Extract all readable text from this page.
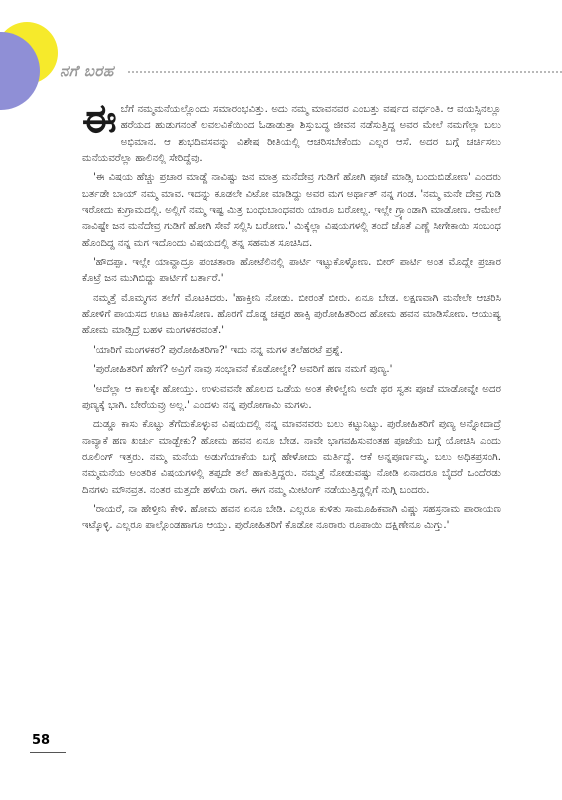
ನಗೆ ಬರಹ

ಈಬೆಗೆ ನಮ್ಮಮನೆಯಲ್ಲೊಂದು ಸಮಾರಂಭವಿತ್ತು. ಅದು ನಮ್ಮ ಮಾವನವರ ಎಂಬತ್ತು ವರ್ಷದ ವರ್ಧಂತಿ. ಆ ವಯಸ್ಸಿನಲ್ಲೂ ಹರೆಯದ ಹುಡುಗನಂತೆ ಲವಲವಿಕೆಯಿಂದ ಓಡಾಡುತ್ತಾ ಶಿಸ್ತುಬದ್ಧ ಜೀವನ ನಡೆಸುತ್ತಿದ್ದ ಅವರ ಮೇಲೆ ನಮಗೆಲ್ಲಾ ಬಲು ಅಭಿಮಾನ. ಆ ಶುಭದಿವಸವನ್ನು ವಿಶೇಷ ರೀತಿಯಲ್ಲಿ ಆಚರಿಸಬೇಕೆಂದು ಎಲ್ಲರ ಆಸೆ. ಅದರ ಬಗ್ಗೆ ಚರ್ಚಿಸಲು ಮನೆಯವರೆಲ್ಲಾ ಹಾಲಿನಲ್ಲಿ ಸೇರಿದ್ದೆವು.

'ಈ ವಿಷಯ ಹೆಚ್ಚು ಪ್ರಚಾರ ಮಾಡ್ದೆ ನಾವಿಷ್ಟು ಜನ ಮಾತ್ರ ಮನೆದೇವ್ರ ಗುಡಿಗೆ ಹೋಗಿ ಪೂಜೆ ಮಾಡ್ಸಿ ಬಂದುಬಿಡೋಣ' ಎಂದರು ಬರ್ತಡೇ ಬಾಯ್ ನಮ್ಮ ಮಾವ. ಇದನ್ನು ಕೂಡಲೇ ವಿಟೋ ಮಾಡಿದ್ದು ಅವರ ಮಗ ಅರ್ಥಾತ್ ನನ್ನ ಗಂಡ. 'ನಮ್ಮ ಮನೇ ದೇವ್ರ ಗುಡಿ ಇರೋದು ಕುಗ್ರಾಮದಲ್ಲಿ. ಅಲ್ಲಿಗೆ ನಮ್ಮ ಇಷ್ಟ ಮಿತ್ರ ಬಂಧುಬಾಂಧವರು ಯಾರೂ ಬರೋಲ್ಲ. ಇಲ್ಲೇ ಗ್ರ್ಯಾಂಡಾಗಿ ಮಾಡೋಣ. ಆಮೇಲೆ ನಾವಿಷ್ಟೇ ಜನ ಮನೆದೇವ್ರ ಗುಡಿಗೆ ಹೋಗಿ ಸೇವೆ ಸಲ್ಲಿಸಿ ಬರೋಣ.' ಮಿಕ್ಕೆಲ್ಲಾ ವಿಷಯಗಳಲ್ಲಿ ತಂದೆ ಜೊತೆ ಎಣ್ಣೆ ಸೀಗೇಕಾಯಿ ಸಂಬಂಧ ಹೊಂದಿದ್ದ ನನ್ನ ಮಗ ಇದೊಂದು ವಿಷಯದಲ್ಲಿ ತನ್ನ ಸಹಮತ ಸೂಚಿಸಿದ.

'ಹೌದಪ್ಪಾ. ಇಲ್ಲೇ ಯಾವ್ದಾದ್ರೂ ಪಂಚತಾರಾ ಹೋಟೆಲಿನಲ್ಲಿ ಪಾರ್ಟಿ ಇಟ್ಟುಕೊಳ್ಳೋಣ. ಬೀರ್ ಪಾರ್ಟಿ ಅಂತ ಮೊದ್ಲೇ ಪ್ರಚಾರ ಕೊಟ್ರೆ ಜನ ಮುಗಿಬಿದ್ದು ಪಾರ್ಟಿಗೆ ಬರ್ತಾರೆ.'

ನಮ್ಮತ್ತೆ ಮೊಮ್ಮಗನ ತಲೆಗೆ ಮೊಟಕಿದರು. 'ಹಾಕ್ತೀನಿ ನೋಡು. ಬೀರಂತೆ ಬೀರು. ಏನೂ ಬೇಡ. ಲಕ್ಷಣವಾಗಿ ಮನೇಲೇ ಆಚರಿಸಿ ಹೋಳಿಗೆ ಪಾಯಸದ ಊಟ ಹಾಕಿಸೋಣ. ಹೊರಗೆ ದೊಡ್ಡ ಚಪ್ಪರ ಹಾಕ್ಸಿ ಪುರೋಹಿತರಿಂದ ಹೋಮ ಹವನ ಮಾಡಿಸೋಣ. ಆಯುಷ್ಯ ಹೋಮ ಮಾಡ್ಸಿದ್ರೆ ಬಹಳ ಮಂಗಳಕರವಂತೆ.'

'ಯಾರಿಗೆ ಮಂಗಳಕರ? ಪುರೋಹಿತರಿಗಾ?' ಇದು ನನ್ನ ಮಗಳ ತಲೆಹರಟೆ ಪ್ರಶ್ನೆ.

'ಪುರೋಹಿತರಿಗೆ ಹೇಗೆ? ಅವ್ರಿಗೆ ನಾವು ಸಂಭಾವನೆ ಕೊಡೋಲ್ವೇ? ಅವರಿಗೆ ಹಣ ನಮಗೆ ಪುಣ್ಯ.'

'ಅದೆಲ್ಲಾ ಆ ಕಾಲಕ್ಕೇ ಹೋಯ್ತು. ಉಳುವವನೇ ಹೊಲದ ಒಡೆಯ ಅಂತ ಕೇಳಿಲ್ವೇನಿ ಅದೇ ಥರ ಸ್ವತಃ ಪೂಜೆ ಮಾಡೋವ್ನೇ ಅದರ ಪುಣ್ಯಕ್ಕೆ ಭಾಗಿ. ಬೇರೆಯವ್ರು ಅಲ್ಲ.' ಎಂದಳು ನನ್ನ ಪುರೋಗಾಮಿ ಮಗಳು.

ದುಡ್ಡೂ ಕಾಸು ಕೊಟ್ಟು ತೆಗೆದುಕೊಳ್ಳುವ ವಿಷಯದಲ್ಲಿ ನನ್ನ ಮಾವನವರು ಬಲು ಕಟ್ಟುನಿಟ್ಟು. ಪುರೋಹಿತರಿಗೆ ಪುಣ್ಯ ಅನ್ನೋದಾದ್ರೆ ನಾವ್ಯಾಕೆ ಹಣ ಖರ್ಚು ಮಾಡ್ಬೇಕು? ಹೋಮ ಹವನ ಏನೂ ಬೇಡ. ನಾವೇ ಭಾಗವಹಿಸುವಂತಹ ಪೂಜೆಯ ಬಗ್ಗೆ ಯೋಚಿಸಿ ಎಂದು ರೂಲಿಂಗ್ ಇತ್ತರು. ನಮ್ಮ ಮನೆಯ ಅಡುಗೆಯಾಕೆಯ ಬಗ್ಗೆ ಹೇಳೋದು ಮರ್ತಿದ್ದೆ. ಆಕೆ ಅನ್ನಪೂರ್ಣಮ್ಮ. ಬಲು ಅಧಿಕಪ್ರಸಂಗಿ. ನಮ್ಮಮನೆಯ ಅಂತರಿಕ ವಿಷಯಗಳಲ್ಲಿ ತಪ್ಪದೇ ತಲೆ ಹಾಕುತ್ತಿದ್ದರು. ನಮ್ಮತ್ತೆ ನೋಡುವಷ್ಟು ನೋಡಿ ಏನಾದರೂ ಬೈದರೆ ಒಂದೆರಡು ದಿನಗಳು ಮೌನವ್ರತ. ನಂತರ ಮತ್ತದೇ ಹಳೆಯ ರಾಗ. ಈಗ ನಮ್ಮ ಮೀಟಿಂಗ್ ನಡೆಯುತ್ತಿದ್ದಲ್ಲಿಗೆ ನುಗ್ಗಿ ಬಂದರು.

'ರಾಯರೆ, ನಾ ಹೇಳ್ತೀನಿ ಕೇಳಿ. ಹೋಮ ಹವನ ಏನೂ ಬೇಡಿ. ಎಲ್ಲರೂ ಕುಳಿತು ಸಾಮೂಹಿಕವಾಗಿ ವಿಷ್ಣು ಸಹಸ್ರನಾಮ ಪಾರಾಯಣ ಇಟ್ಕೊಳ್ಳಿ. ಎಲ್ಲರೂ ಪಾಲ್ಗೊಂಡಹಾಗೂ ಆಯ್ತು. ಪುರೋಹಿತರಿಗೆ ಕೊಡೋ ನೂರಾರು ರೂಪಾಯಿ ದಕ್ಷಿಣೇನೂ ಮಿಗ್ತು.'

58
